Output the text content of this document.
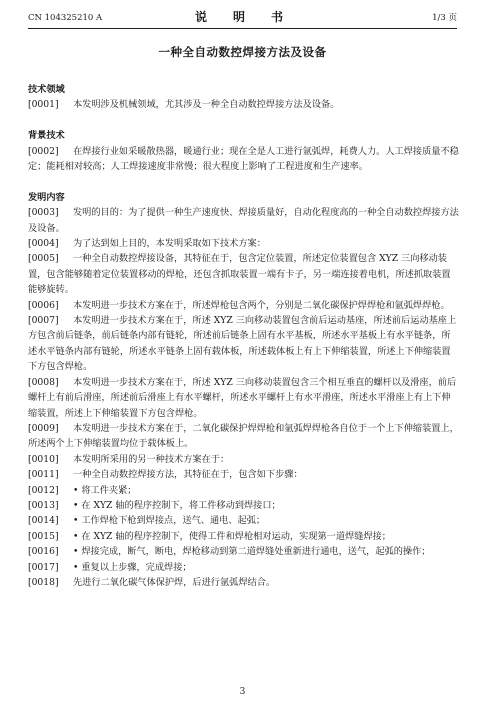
CN 104325210 A	说　明　书	1/3 页
一种全自动数控焊接方法及设备

技术领域

[0001] 本发明涉及机械领域，尤其涉及一种全自动数控焊接方法及设备。

背景技术

[0002] 在焊接行业如采暖散热器，暖通行业；现在全是人工进行氩弧焊，耗费人力。人工焊接质量不稳定；能耗相对较高；人工焊接速度非常慢；很大程度上影响了工程进度和生产速率。

发明内容

[0003] 发明的目的：为了提供一种生产速度快、焊接质量好，自动化程度高的一种全自动数控焊接方法及设备。

[0004] 为了达到如上目的，本发明采取如下技术方案：

[0005] 一种全自动数控焊接设备，其特征在于，包含定位装置，所述定位装置包含 XYZ 三向移动装置，包含能够随着定位装置移动的焊枪，还包含抓取装置一端有卡子，另一端连接着电机，所述抓取装置能够旋转。

[0006] 本发明进一步技术方案在于，所述焊枪包含两个，分别是二氧化碳保护焊焊枪和氩弧焊焊枪。

[0007] 本发明进一步技术方案在于，所述 XYZ 三向移动装置包含前后运动基座，所述前后运动基座上方包含前后链条，前后链条内部有链轮，所述前后链条上固有水平基板，所述水平基板上有水平链条，所述水平链条内部有链轮，所述水平链条上固有载体板，所述载体板上有上下伸缩装置，所述上下伸缩装置下方包含焊枪。

[0008] 本发明进一步技术方案在于，所述 XYZ 三向移动装置包含三个相互垂直的螺杆以及滑座，前后螺杆上有前后滑座，所述前后滑座上有水平螺杆，所述水平螺杆上有水平滑座，所述水平滑座上有上下伸缩装置，所述上下伸缩装置下方包含焊枪。

[0009] 本发明进一步技术方案在于，二氧化碳保护焊焊枪和氩弧焊焊枪各自位于一个上下伸缩装置上，所述两个上下伸缩装置均位于载体板上。

[0010] 本发明所采用的另一种技术方案在于：

[0011] 一种全自动数控焊接方法，其特征在于，包含如下步骤：

[0012] • 将工件夹紧；

[0013] • 在 XYZ 轴的程序控制下，将工件移动到焊接口；

[0014] • 工作焊枪下枪到焊接点，送气、通电、起弧；

[0015] • 在 XYZ 轴的程序控制下，使得工件和焊枪相对运动，实现第一道焊缝焊接；

[0016] • 焊接完成，断气，断电，焊枪移动到第二道焊缝处重新进行通电，送气，起弧的操作；

[0017] • 重复以上步骤，完成焊接；

[0018] 先进行二氧化碳气体保护焊，后进行氩弧焊结合。

3
